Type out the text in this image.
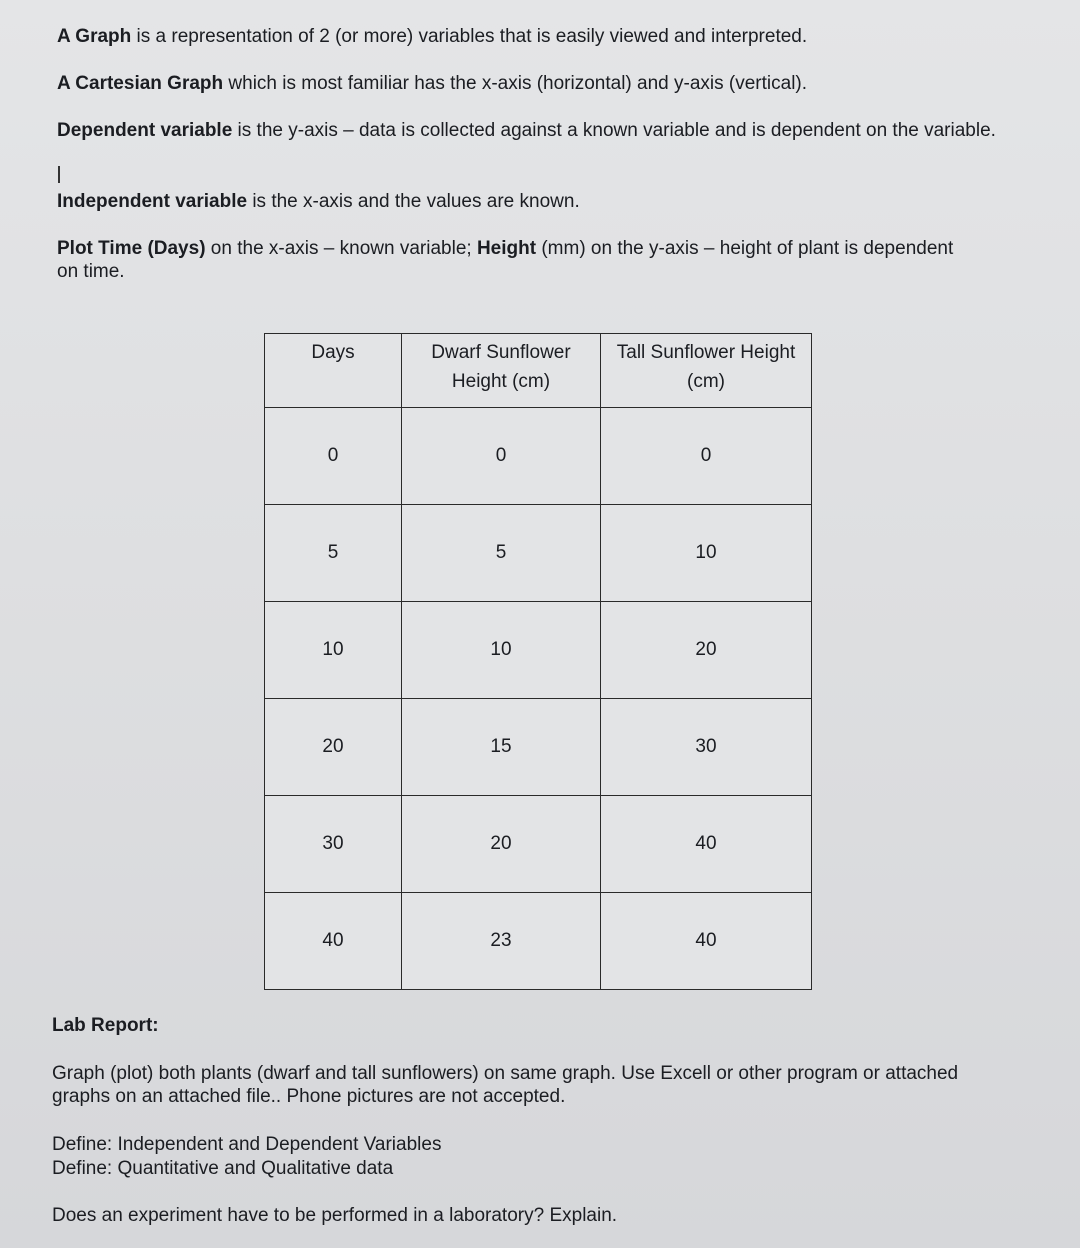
A Graph is a representation of 2 (or more) variables that is easily viewed and interpreted.

A Cartesian Graph which is most familiar has the x-axis (horizontal) and y-axis (vertical).

Dependent variable is the y-axis – data is collected against a known variable and is dependent on the variable.

Independent variable is the x-axis and the values are known.

Plot Time (Days) on the x-axis – known variable; Height (mm) on the y-axis – height of plant is dependent on time.

Days	Dwarf Sunflower Height (cm)	Tall Sunflower Height (cm)
0	0	0
5	5	10
10	10	20
20	15	30
30	20	40
40	23	40

Lab Report:

Graph (plot) both plants (dwarf and tall sunflowers) on same graph. Use Excell or other program or attached graphs on an attached file.. Phone pictures are not accepted.

Define: Independent and Dependent Variables

Define: Quantitative and Qualitative data

Does an experiment have to be performed in a laboratory? Explain.
